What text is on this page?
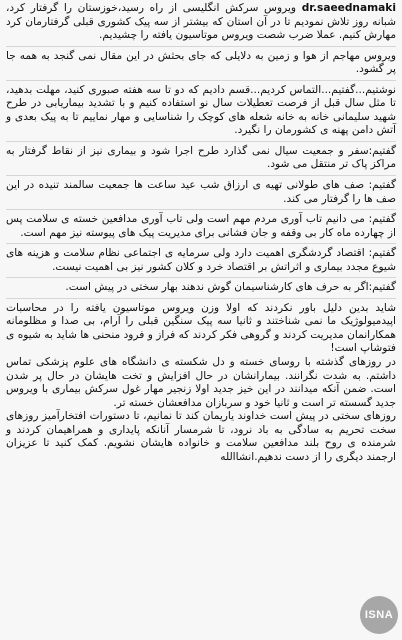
dr.saeednamaki ویروس سرکش انگلیسی از راه رسید،خوزستان را گرفتار کرد، شبانه روز تلاش نمودیم تا در آن استان که بیشتر از سه پیک کشوری قبلی گرفتارمان کرد مهارش کنیم. عملا ضرب شصت ویروس موتاسیون یافته را چشیدیم.

ویروس مهاجم از هوا و زمین به دلایلی که جای بحثش در این مقال نمی گنجد به همه جا پر گشود.

نوشتیم...گفتیم...التماس کردیم...قسم دادیم که دو تا سه هفته صبوری کنید، مهلت بدهید، تا مثل سال قبل از فرصت تعطیلات سال نو استفاده کنیم و با تشدید بیماریابی در طرح شهید سلیمانی خانه به خانه شعله های کوچک را شناسایی و مهار نماییم تا به پیک بعدی و آتش دامن پهنه ی کشورمان را نگیرد.

گفتیم:سفر و جمعیت سیال نمی گذارد طرح اجرا شود و بیماری نیز از نقاط گرفتار به مراکز پاک تر منتقل می شود.

گفتیم: صف های طولانی تهیه ی ارزاق شب عید ساعت ها جمعیت سالمند تنیده در این صف ها را گرفتار می کند.

گفتیم: می دانیم تاب آوری مردم مهم است ولی تاب آوری مدافعین خسته ی سلامت پس از چهارده ماه کار بی وقفه و جان فشانی برای مدیریت پیک های پیوسته نیز مهم است.

گفتیم: اقتصاد گردشگری اهمیت دارد ولی سرمایه ی اجتماعی نظام سلامت و هزینه های شیوع مجدد بیماری و اثراتش بر اقتصاد خرد و کلان کشور نیز بی اهمیت نیست.

گفتیم:اگر به حرف های کارشناسیمان گوش ندهند بهار سختی در پیش است.

شاید بدین دلیل باور نکردند که اولا وزن ویروس موتاسیون یافته را در محاسبات اپیدمیولوژیک ما نمی شناختند و ثانیا سه پیک سنگین قبلی را آرام، بی صدا و مظلومانه همکارانمان مدیریت کردند و گروهی فکر کردند که فراز و فرود منحنی ها شاید به شیوه ی فتوشاپ است!

در روزهای گذشته با روسای خسته و دل شکسته ی دانشگاه های علوم پزشکی تماس داشتم. به شدت نگرانند. بیمارانشان در حال افزایش و تخت هایشان در حال پر شدن است. ضمن آنکه میدانند در این خیز جدید اولا زنجیر مهار غول سرکش بیماری با ویروس جدید گسسته تر است و ثانیا خود و سربازان مدافعشان خسته تر.

روزهای سختی در پیش است خداوند یاریمان کند تا نمانیم، تا دستورات افتخارآمیز روزهای سخت تحریم به سادگی به باد نرود، تا شرمسار آنانکه پایداری و همراهیمان کردند و شرمنده ی روح بلند مدافعین سلامت و خانواده هایشان نشویم. کمک کنید تا عزیزان ارجمند دیگری را از دست ندهیم.انشاالله

ISNA
